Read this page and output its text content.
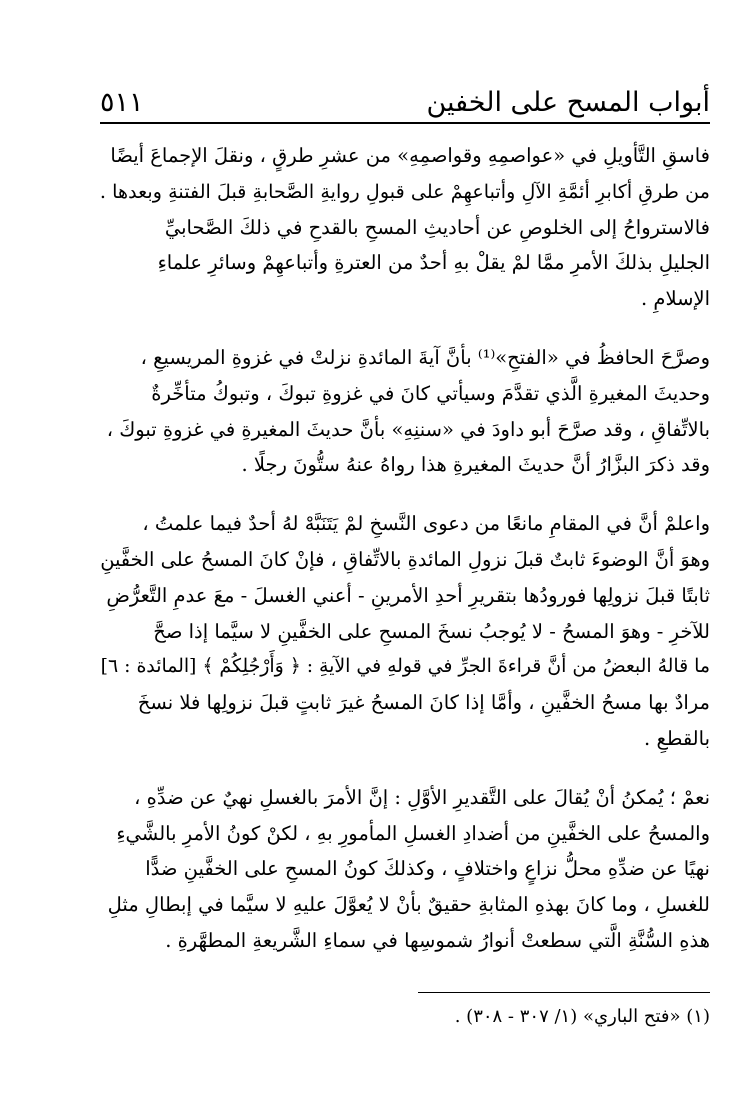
٥١١	أبواب المسح على الخفين
فاسقِ التَّأويلِ في «عواصمِهِ وقواصمِهِ» من عشرِ طرقٍ ، ونقلَ الإجماعَ أيضًا
من طرقِ أكابرِ أئمَّةِ الآلِ وأتباعهِمْ على قبولِ روايةِ الصَّحابةِ قبلَ الفتنةِ وبعدها .
فالاسترواحُ إلى الخلوصِ عن أحاديثِ المسحِ بالقدحِ في ذلكَ الصَّحابيِّ
الجليلِ بذلكَ الأمرِ ممَّا لمْ يقلْ بهِ أحدٌ من العترةِ وأتباعهِمْ وسائرِ علماءِ
الإسلامِ .
وصرَّحَ الحافظُ في «الفتحِ»⁽¹⁾ بأنَّ آيةَ المائدةِ نزلتْ في غزوةِ المريسيعِ ،
وحديثَ المغيرةِ الَّذي تقدَّمَ وسيأتي كانَ في غزوةِ تبوكَ ، وتبوكُ متأخِّرةٌ
بالاتِّفاقِ ، وقد صرَّحَ أبو داودَ في «سننِهِ» بأنَّ حديثَ المغيرةِ في غزوةِ تبوكَ ،
وقد ذكرَ البزَّارُ أنَّ حديثَ المغيرةِ هذا رواهُ عنهُ ستُّونَ رجلًا .
واعلمْ أنَّ في المقامِ مانعًا من دعوى النَّسخِ لمْ يَتَنَبَّهْ لهُ أحدٌ فيما علمتُ ،
وهوَ أنَّ الوضوءَ ثابتٌ قبلَ نزولِ المائدةِ بالاتِّفاقِ ، فإنْ كانَ المسحُ على الخفَّينِ
ثابتًا قبلَ نزولِها فورودُها بتقريرِ أحدِ الأمرينِ - أعني الغسلَ - معَ عدمِ التَّعرُّضِ
للآخرِ - وهوَ المسحُ - لا يُوجبُ نسخَ المسحِ على الخفَّينِ لا سيَّما إذا صحَّ
ما قالهُ البعضُ من أنَّ قراءةَ الجرِّ في قولهِ في الآيةِ : ﴿ وَأَرْجُلِكُمْ ﴾ [المائدة : ٦]
مرادٌ بها مسحُ الخفَّينِ ، وأمَّا إذا كانَ المسحُ غيرَ ثابتٍ قبلَ نزولِها فلا نسخَ
بالقطعِ .
نعمْ ؛ يُمكنُ أنْ يُقالَ على التَّقديرِ الأوَّلِ : إنَّ الأمرَ بالغسلِ نهيٌ عن ضدِّهِ ،
والمسحُ على الخفَّينِ من أضدادِ الغسلِ المأمورِ بهِ ، لكنْ كونُ الأمرِ بالشَّيءِ
نهيًا عن ضدِّهِ محلُّ نزاعٍ واختلافٍ ، وكذلكَ كونُ المسحِ على الخفَّينِ ضدًّا
للغسلِ ، وما كانَ بهذهِ المثابةِ حقيقٌ بأنْ لا يُعوَّلَ عليهِ لا سيَّما في إبطالِ مثلِ
هذهِ السُّنَّةِ الَّتي سطعتْ أنوارُ شموسِها في سماءِ الشَّريعةِ المطهَّرةِ .
(١) «فتح الباري» (١/ ٣٠٧ - ٣٠٨) .
